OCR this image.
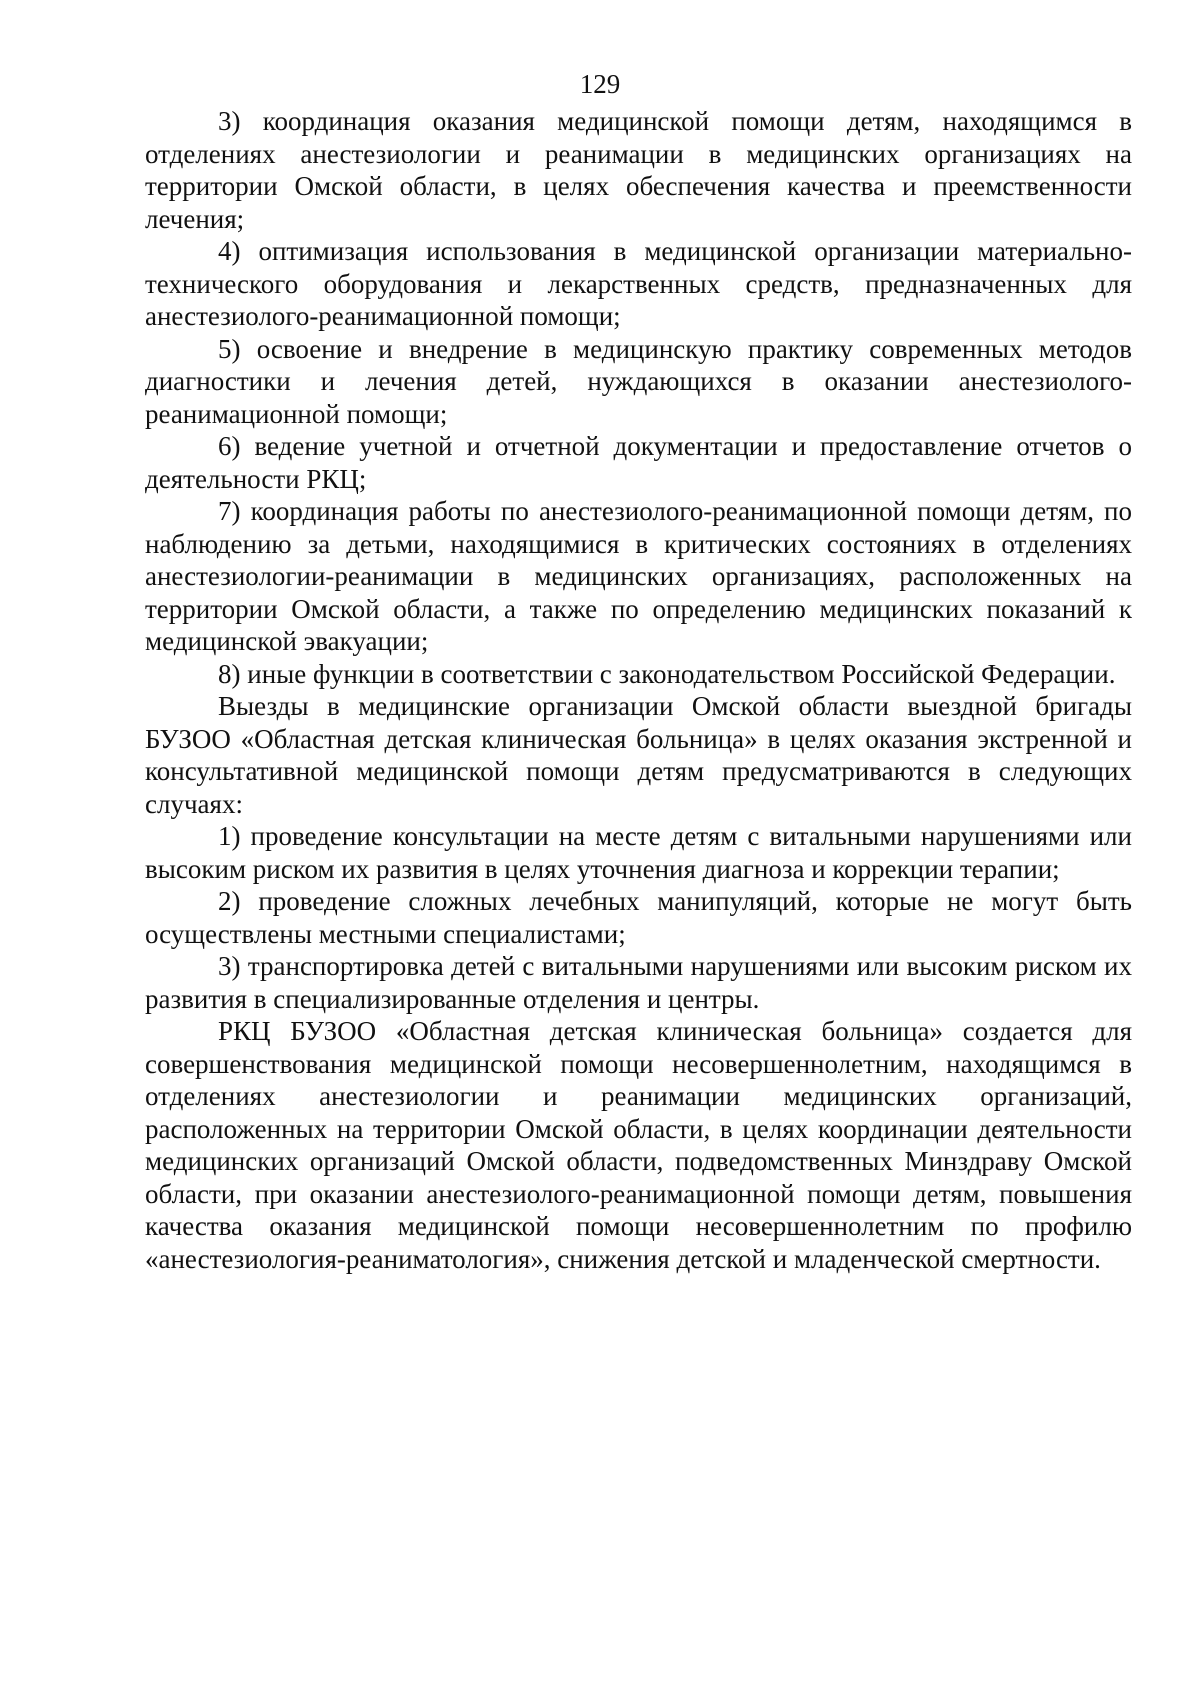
129

3) координация оказания медицинской помощи детям, находящимся в отделениях анестезиологии и реанимации в медицинских организациях на территории Омской области, в целях обеспечения качества и преемственности лечения;

4) оптимизация использования в медицинской организации материально-технического оборудования и лекарственных средств, предназначенных для анестезиолого-реанимационной помощи;

5) освоение и внедрение в медицинскую практику современных методов диагностики и лечения детей, нуждающихся в оказании анестезиолого-реанимационной помощи;

6) ведение учетной и отчетной документации и предоставление отчетов о деятельности РКЦ;

7) координация работы по анестезиолого-реанимационной помощи детям, по наблюдению за детьми, находящимися в критических состояниях в отделениях анестезиологии-реанимации в медицинских организациях, расположенных на территории Омской области, а также по определению медицинских показаний к медицинской эвакуации;

8) иные функции в соответствии с законодательством Российской Федерации.

Выезды в медицинские организации Омской области выездной бригады БУЗОО «Областная детская клиническая больница» в целях оказания экстренной и консультативной медицинской помощи детям предусматриваются в следующих случаях:

1) проведение консультации на месте детям с витальными нарушениями или высоким риском их развития в целях уточнения диагноза и коррекции терапии;

2) проведение сложных лечебных манипуляций, которые не могут быть осуществлены местными специалистами;

3) транспортировка детей с витальными нарушениями или высоким риском их развития в специализированные отделения и центры.

РКЦ БУЗОО «Областная детская клиническая больница» создается для совершенствования медицинской помощи несовершеннолетним, находящимся в отделениях анестезиологии и реанимации медицинских организаций, расположенных на территории Омской области, в целях координации деятельности медицинских организаций Омской области, подведомственных Минздраву Омской области, при оказании анестезиолого-реанимационной помощи детям, повышения качества оказания медицинской помощи несовершеннолетним по профилю «анестезиология-реаниматология», снижения детской и младенческой смертности.
